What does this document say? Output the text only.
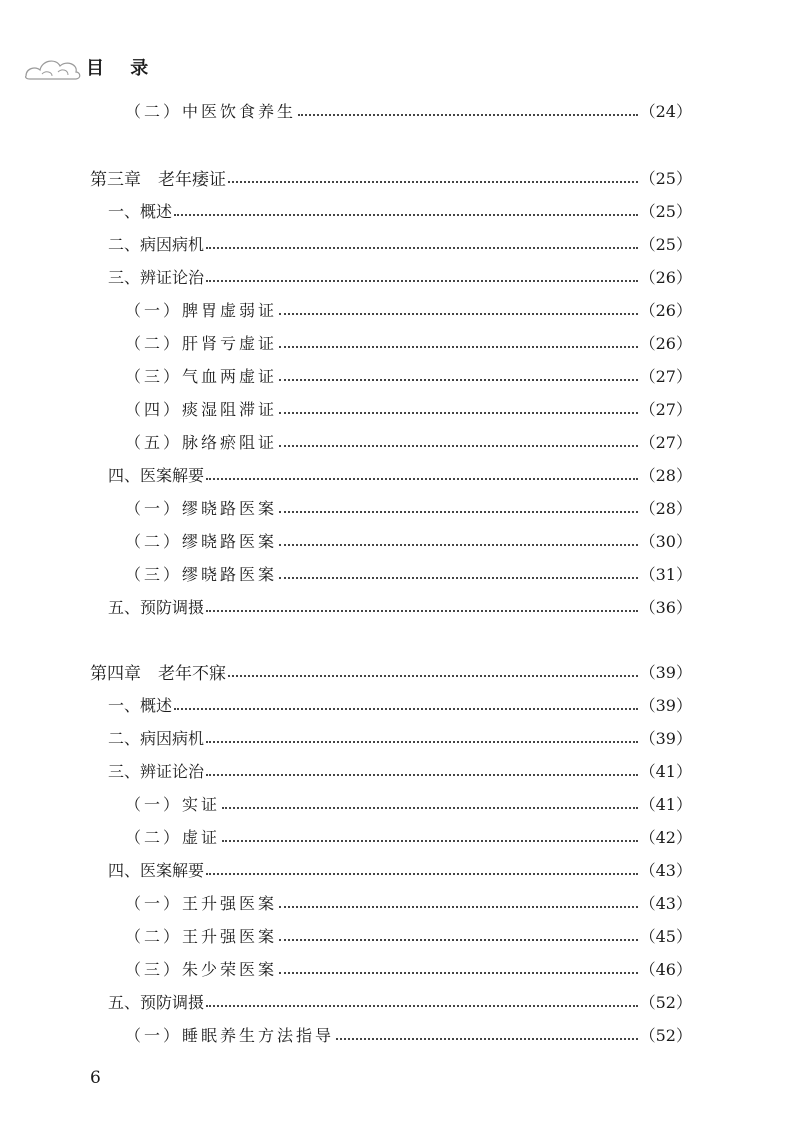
目 录
（二）中医饮食养生	（24）
第三章　老年痿证	（25）
一、概述	（25）
二、病因病机	（25）
三、辨证论治	（26）
（一）脾胃虚弱证	（26）
（二）肝肾亏虚证	（26）
（三）气血两虚证	（27）
（四）痰湿阻滞证	（27）
（五）脉络瘀阻证	（27）
四、医案解要	（28）
（一）缪晓路医案	（28）
（二）缪晓路医案	（30）
（三）缪晓路医案	（31）
五、预防调摄	（36）
第四章　老年不寐	（39）
一、概述	（39）
二、病因病机	（39）
三、辨证论治	（41）
（一）实证	（41）
（二）虚证	（42）
四、医案解要	（43）
（一）王升强医案	（43）
（二）王升强医案	（45）
（三）朱少荣医案	（46）
五、预防调摄	（52）
（一）睡眠养生方法指导	（52）
6
